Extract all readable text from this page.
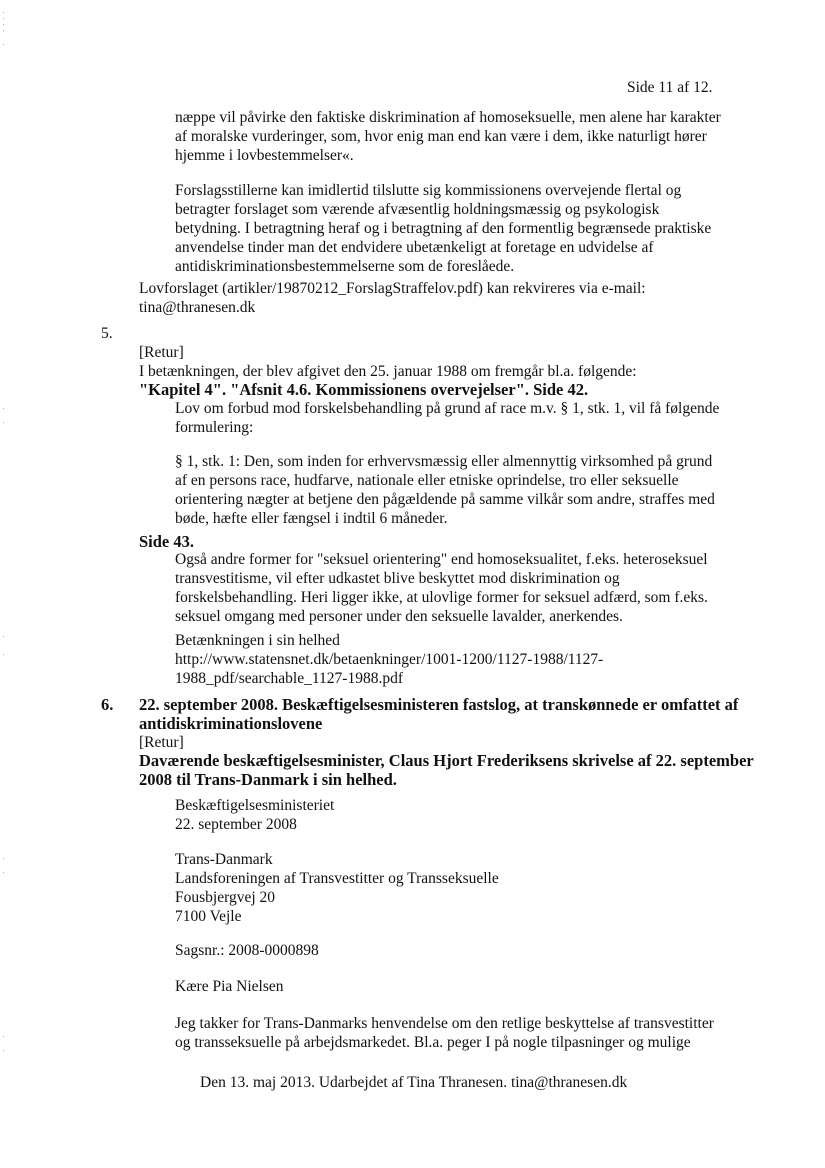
Side 11 af 12.
næppe vil påvirke den faktiske diskrimination af homoseksuelle, men alene har karakter
af moralske vurderinger, som, hvor enig man end kan være i dem, ikke naturligt hører
hjemme i lovbestemmelser«.
Forslagsstillerne kan imidlertid tilslutte sig kommissionens overvejende flertal og
betragter forslaget som værende afvæsentlig holdningsmæssig og psykologisk
betydning. I betragtning heraf og i betragtning af den formentlig begrænsede praktiske
anvendelse tinder man det endvidere ubetænkeligt at foretage en udvidelse af
antidiskriminationsbestemmelserne som de foreslåede.
Lovforslaget (artikler/19870212_ForslagStraffelov.pdf) kan rekvireres via e-mail:
tina@thranesen.dk
5.
[Retur]
I betænkningen, der blev afgivet den 25. januar 1988 om fremgår bl.a. følgende:
"Kapitel 4". "Afsnit 4.6. Kommissionens overvejelser". Side 42.
Lov om forbud mod forskelsbehandling på grund af race m.v. § 1, stk. 1, vil få følgende
formulering:
§ 1, stk. 1: Den, som inden for erhvervsmæssig eller almennyttig virksomhed på grund
af en persons race, hudfarve, nationale eller etniske oprindelse, tro eller seksuelle
orientering nægter at betjene den pågældende på samme vilkår som andre, straffes med
bøde, hæfte eller fængsel i indtil 6 måneder.
Side 43.
Også andre former for "seksuel orientering" end homoseksualitet, f.eks. heteroseksuel
transvestitisme, vil efter udkastet blive beskyttet mod diskrimination og
forskelsbehandling. Heri ligger ikke, at ulovlige former for seksuel adfærd, som f.eks.
seksuel omgang med personer under den seksuelle lavalder, anerkendes.
Betænkningen i sin helhed
http://www.statensnet.dk/betaenkninger/1001-1200/1127-1988/1127-
1988_pdf/searchable_1127-1988.pdf
6. 22. september 2008. Beskæftigelsesministeren fastslog, at transkønnede er omfattet af
antidiskriminationslovene
[Retur]
Daværende beskæftigelsesminister, Claus Hjort Frederiksens skrivelse af 22. september
2008 til Trans-Danmark i sin helhed.
Beskæftigelsesministeriet
22. september 2008
Trans-Danmark
Landsforeningen af Transvestitter og Transseksuelle
Fousbjergvej 20
7100 Vejle
Sagsnr.: 2008-0000898
Kære Pia Nielsen
Jeg takker for Trans-Danmarks henvendelse om den retlige beskyttelse af transvestitter
og transseksuelle på arbejdsmarkedet. Bl.a. peger I på nogle tilpasninger og mulige
Den 13. maj 2013. Udarbejdet af Tina Thranesen. tina@thranesen.dk
